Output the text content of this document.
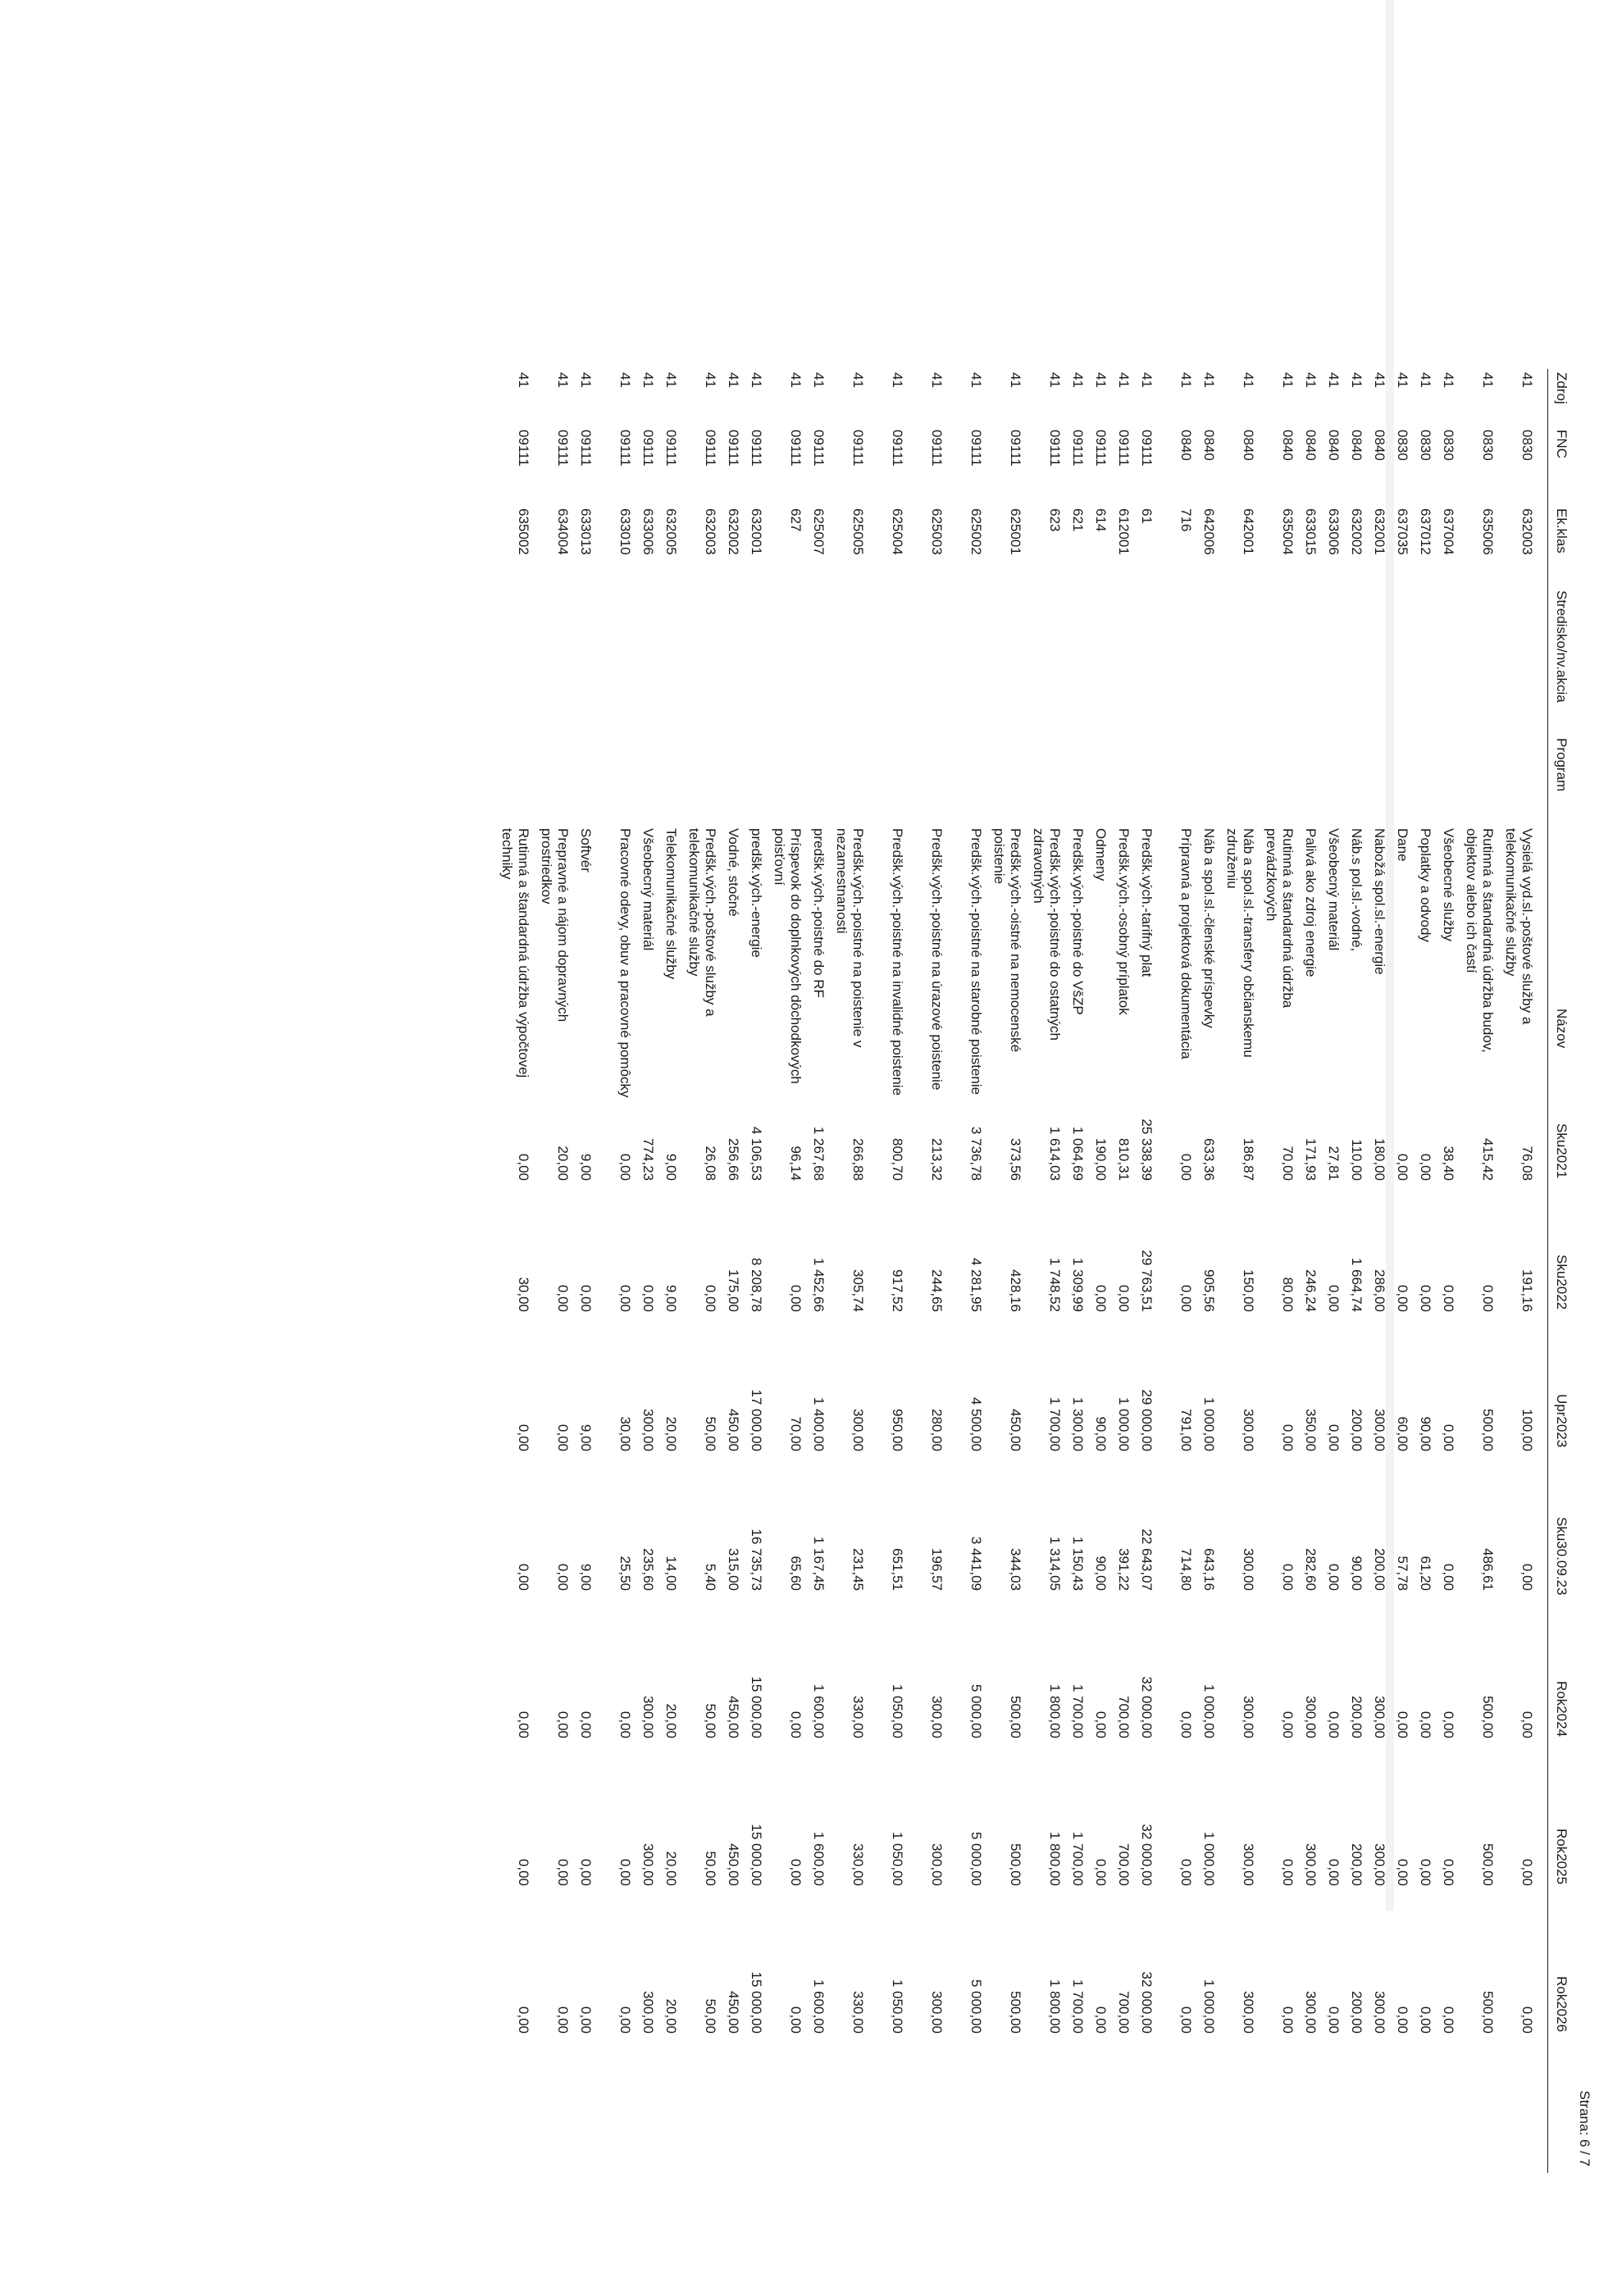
Strana: 6 / 7
Zdroj
FNC
Ek.klas
Stredisko/nv.akcia
Program
Názov
Sku2021
Sku2022
Upr2023
Sku30.09.23
Rok2024
Rok2025
Rok2026
41
0830
632003
Vysielá vyd.sl.-poštové služby a telekomunikačné služby
76,08
191,16
100,00
0,00
0,00
0,00
0,00
41
0830
635006
Rutinná a štandardná údržba budov, objektov alebo ich častí
415,42
0,00
500,00
486,61
500,00
500,00
500,00
41
0830
637004
Všeobecné služby
38,40
0,00
0,00
0,00
0,00
0,00
0,00
41
0830
637012
Poplatky a odvody
0,00
0,00
90,00
61,20
0,00
0,00
0,00
41
0830
637035
Dane
0,00
0,00
60,00
57,78
0,00
0,00
0,00
41
0840
632001
Nabožá spol.sl.-energie
180,00
286,00
300,00
200,00
300,00
300,00
300,00
41
0840
632002
Náb.s pol.sl.-vodné,
110,00
1 664,74
200,00
90,00
200,00
200,00
200,00
41
0840
633006
Všeobecný materiál
27,81
0,00
0,00
0,00
0,00
0,00
0,00
41
0840
633015
Palivá ako zdroj energie
171,93
246,24
350,00
282,60
300,00
300,00
300,00
41
0840
635004
Rutinná a štandardná údržba prevádzkových
70,00
80,00
0,00
0,00
0,00
0,00
0,00
41
0840
642001
Náb a spol.sl.-transfery občianskemu združeniu
186,87
150,00
300,00
300,00
300,00
300,00
300,00
41
0840
642006
Náb a spol.sl.-členské príspevky
633,36
905,56
1 000,00
643,16
1 000,00
1 000,00
1 000,00
41
0840
716
Prípravná a projektová dokumentácia
0,00
0,00
791,00
714,80
0,00
0,00
0,00
41
09111
61
Predšk.vých.-tarifný plat
25 338,39
29 763,51
29 000,00
22 643,07
32 000,00
32 000,00
32 000,00
41
09111
612001
Predšk.vých.-osobný príplatok
810,31
0,00
1 000,00
391,22
700,00
700,00
700,00
41
09111
614
Odmeny
190,00
0,00
90,00
90,00
0,00
0,00
0,00
41
09111
621
Predšk.vých.-poistné do VšZP
1 064,69
1 309,99
1 300,00
1 150,43
1 700,00
1 700,00
1 700,00
41
09111
623
Predšk.vých.-poistné do ostatných zdravotných
1 614,03
1 748,52
1 700,00
1 314,05
1 800,00
1 800,00
1 800,00
41
09111
625001
Predšk.vých.-oistné na nemocenské poistenie
373,56
428,16
450,00
344,03
500,00
500,00
500,00
41
09111
625002
Predšk.vých.-poistné na starobné poistenie
3 736,78
4 281,95
4 500,00
3 441,09
5 000,00
5 000,00
5 000,00
41
09111
625003
Predšk.vých.-poistné na úrazové poistenie
213,32
244,65
280,00
196,57
300,00
300,00
300,00
41
09111
625004
Predšk.vých.-poistné na invalidné poistenie
800,70
917,52
950,00
651,51
1 050,00
1 050,00
1 050,00
41
09111
625005
Predšk.vých.-poistné na poistenie v nezamestnanosti
266,88
305,74
300,00
231,45
330,00
330,00
330,00
41
09111
625007
predšk.vých.-poistné do RF
1 267,68
1 452,66
1 400,00
1 167,45
1 600,00
1 600,00
1 600,00
41
09111
627
Príspevok do doplnkových dôchodkových poisťovní
96,14
0,00
70,00
65,60
0,00
0,00
0,00
41
09111
632001
predšk.vých.-energie
4 106,53
8 208,78
17 000,00
16 735,73
15 000,00
15 000,00
15 000,00
41
09111
632002
Vodné, stočné
256,66
175,00
450,00
315,00
450,00
450,00
450,00
41
09111
632003
Predšk.vých.-poštové služby a telekomunikačné služby
26,08
0,00
50,00
5,40
50,00
50,00
50,00
41
09111
632005
Telekomunikačné služby
9,00
9,00
20,00
14,00
20,00
20,00
20,00
41
09111
633006
Všeobecný materiál
774,23
0,00
300,00
235,60
300,00
300,00
300,00
41
09111
633010
Pracovné odevy, obuv a pracovné pomôcky
0,00
0,00
30,00
25,50
0,00
0,00
0,00
41
09111
633013
Softvér
9,00
0,00
9,00
9,00
0,00
0,00
0,00
41
09111
634004
Prepravné a nájom dopravných prostriedkov
20,00
0,00
0,00
0,00
0,00
0,00
0,00
41
09111
635002
Rutinná a štandardná údržba výpočtovej techniky
0,00
30,00
0,00
0,00
0,00
0,00
0,00
